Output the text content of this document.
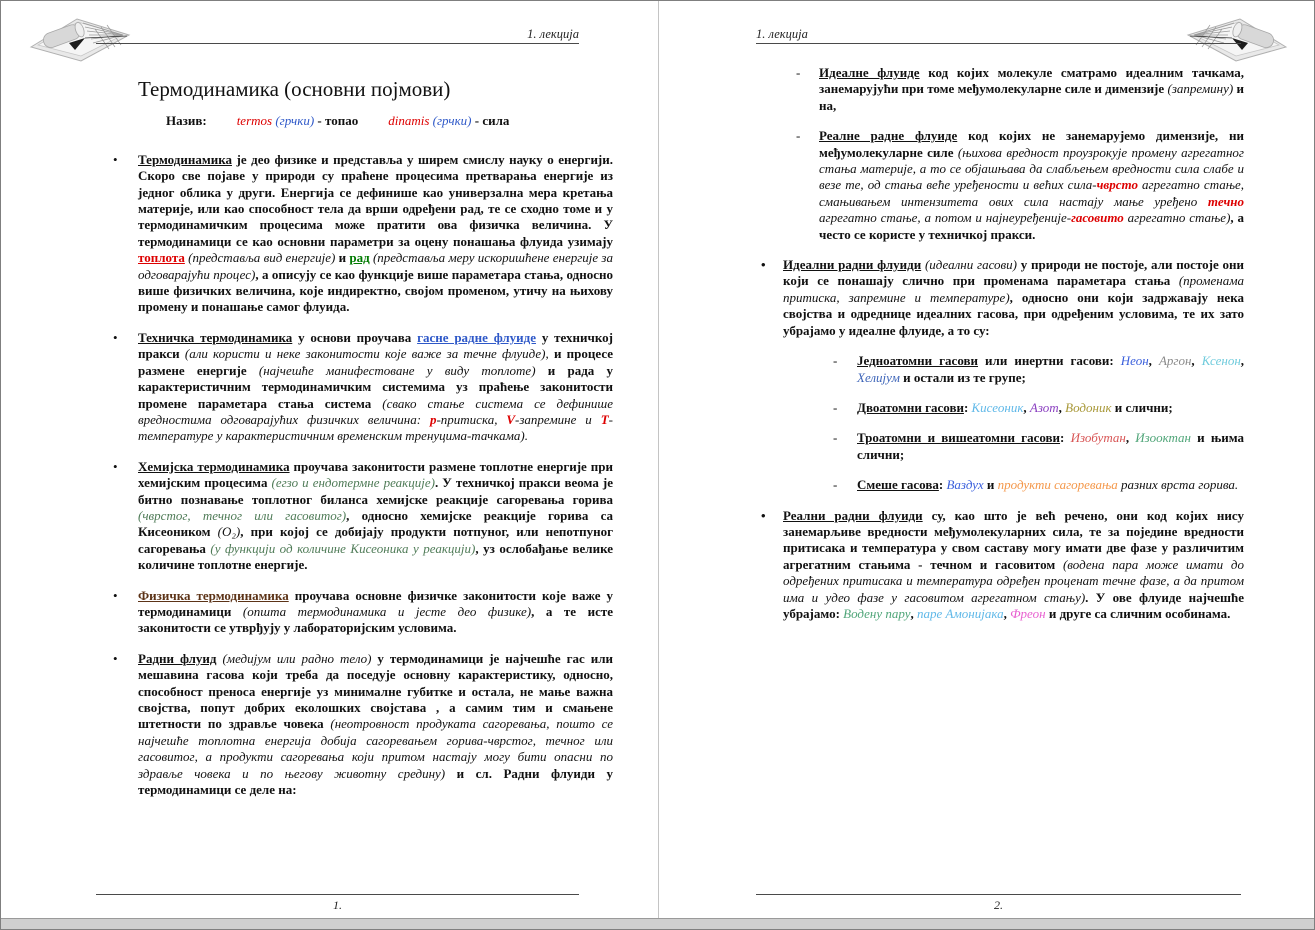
1. лекција
Термодинамика (основни појмови)
Назив: termos (грчки) - топао dinamis (грчки) - сила
•	Термодинамика је део физике и представља у ширем смислу науку о енергији. Скоро све појаве у природи су праћене процесима претварања енергије из једног облика у други. Енергија се дефинише као универзална мера кретања материје, или као способност тела да врши одређени рад, те се сходно томе и у термодинамичким процесима може пратити ова физичка величина. У термодинамици се као основни параметри за оцену понашања флуида узимају топлота (представља вид енергије) и рад (представља меру искоришћене енергије за одговарајући процес), а описују се као функције више параметара стања, односно више физичких величина, које индиректно, својом променом, утичу на њихову промену и понашање самог флуида.
•	Техничка термодинамика у основи проучава гасне радне флуиде у техничкој пракси (али користи и неке законитости које важе за течне флуиде), и процесе размене енергије (најчешће манифестоване у виду топлоте) и рада у карактеристичним термодинамичким системима уз праћење законитости промене параметара стања система (свако стање система се дефинише вредностима одговарајућих физичких величина: p-притиска, V-запремине и T-температуре у карактеристичним временским тренуцима-тачкама).
•	Хемијска термодинамика проучава законитости размене топлотне енергије при хемијским процесима (егзо и ендотермне реакције). У техничкој пракси веома је битно познавање топлотног биланса хемијске реакције сагоревања горива (чврстог, течног или гасовитог), односно хемијске реакције горива са Кисеоником (O₂), при којој се добијају продукти потпуног, или непотпуног сагоревања (у функцији од количине Кисеоника у реакцији), уз ослобађање велике количине топлотне енергије.
•	Физичка термодинамика проучава основне физичке законитости које важе у термодинамици (општа термодинамика и јесте део физике), а те исте законитости се утврђују у лабораторијским условима.
•	Радни флуид (медијум или радно тело) у термодинамици је најчешће гас или мешавина гасова који треба да поседује основну карактеристику, односно, способност преноса енергије уз минималне губитке и остала, не мање важна својства, попут добрих еколошких својстава , а самим тим и смањене штетности по здравље човека (неотровност продуката сагоревања, пошто се најчешће топлотна енергија добија сагоревањем горива-чврстог, течног или гасовитог, а продукти сагоревања који притом настају могу бити опасни по здравље човека и по његову животну средину) и сл. Радни флуиди у термодинамици се деле на:
1.
1. лекција
-	Идеалне флуиде код којих молекуле сматрамо идеалним тачкама, занемарујући при томе међумолекуларне силе и димензије (запремину) и на,
-	Реалне радне флуиде код којих не занемарујемо димензије, ни међумолекуларне силе (њихова вредност проузрокује промену агрегатног стања материје, а то се објашњава да слабљењем вредности сила слабе и везе те, од стања веће уређености и већих сила-чврсто агрегатно стање, смањивањем интензитета ових сила настају мање уређено течно агрегатно стање, а потом и најнеуређеније-гасовито агрегатно стање), а често се користе у техничкој пракси.
•	Идеални радни флуиди (идеални гасови) у природи не постоје, али постоје они који се понашају слично при променама параметара стања (променама притиска, запремине и температуре), односно они који задржавају нека својства и одреднице идеалних гасова, при одређеним условима, те их зато убрајамо у идеалне флуиде, а то су:
-	Једноатомни гасови или инертни гасови: Неон, Аргон, Ксенон, Хелијум и остали из те групе;
-	Двоатомни гасови: Кисеоник, Азот, Водоник и слични;
-	Троатомни и вишеатомни гасови: Изобутан, Изооктан и њима слични;
-	Смеше гасова: Ваздух и продукти сагоревања разних врста горива.
•	Реални радни флуиди су, као што је већ речено, они код којих нису занемарљиве вредности међумолекуларних сила, те за поједине вредности притисака и температура у свом саставу могу имати две фазе у различитим агрегатним стањима - течном и гасовитом (водена пара може имати до одређених притисака и температура одређен проценат течне фазе, а да притом има и удео фазе у гасовитом агрегатном стању). У ове флуиде најчешће убрајамо: Водену пару, паре Амонијака, Фреон и друге са сличним особинама.
2.
